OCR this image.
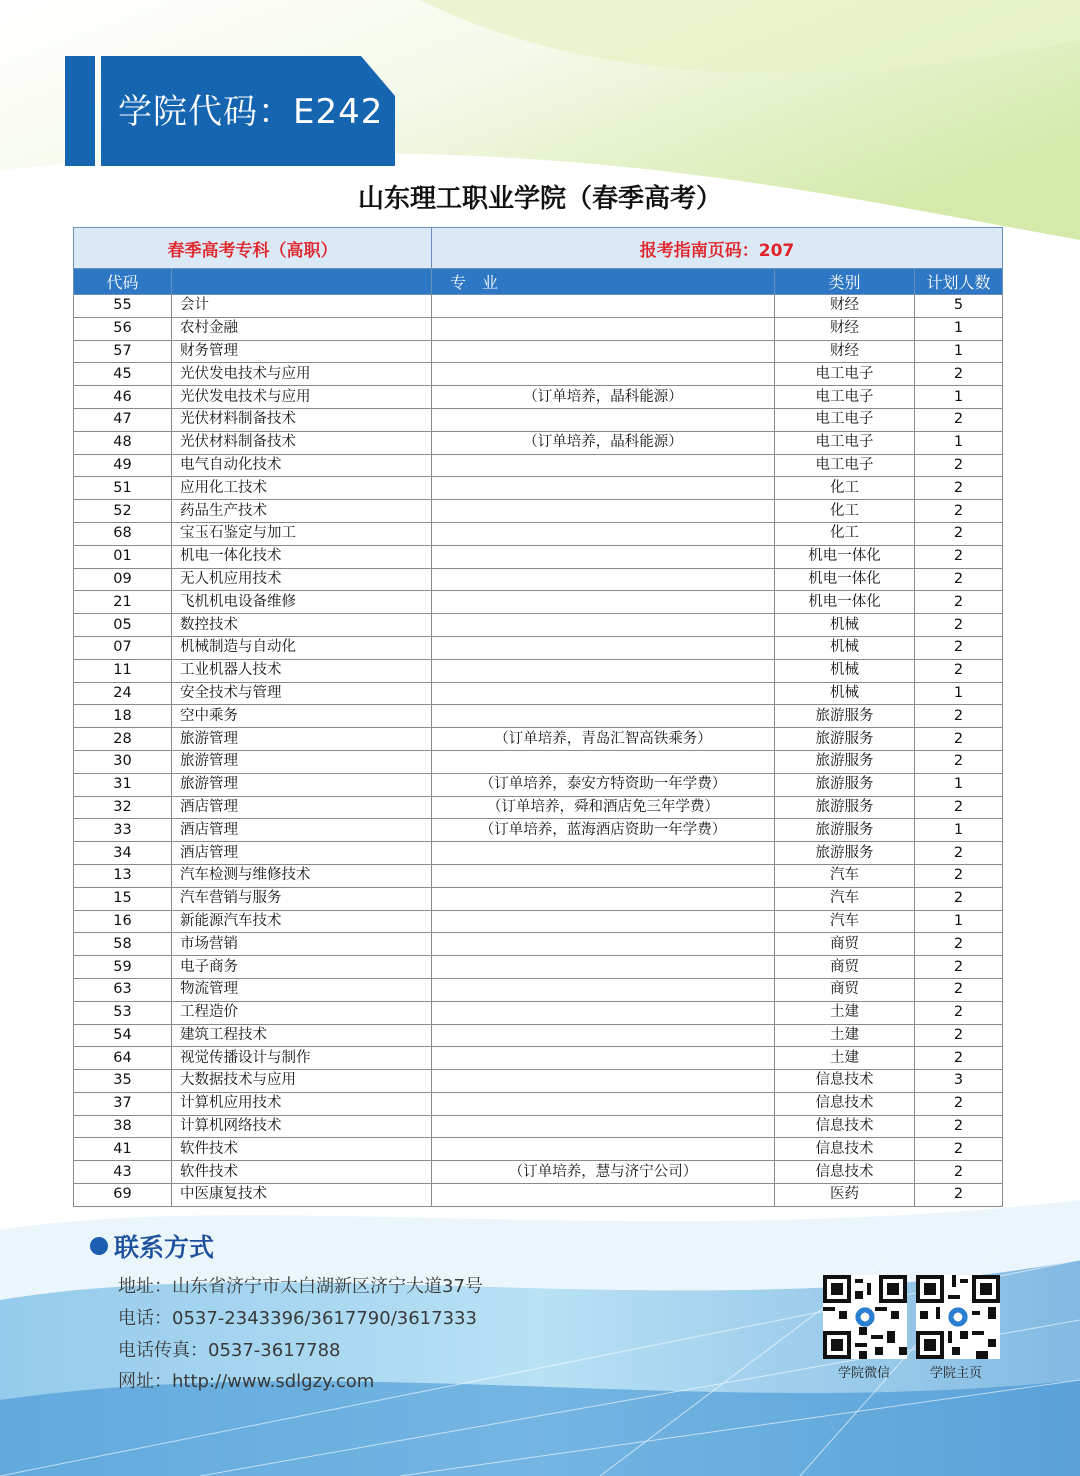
学院代码：E242
山东理工职业学院（春季高考）
春季高考专科（高职）		报考指南页码：207		
代码		专　业	类别	计划人数
55	会计		财经	5
56	农村金融		财经	1
57	财务管理		财经	1
45	光伏发电技术与应用		电工电子	2
46	光伏发电技术与应用	（订单培养，晶科能源）	电工电子	1
47	光伏材料制备技术		电工电子	2
48	光伏材料制备技术	（订单培养，晶科能源）	电工电子	1
49	电气自动化技术		电工电子	2
51	应用化工技术		化工	2
52	药品生产技术		化工	2
68	宝玉石鉴定与加工		化工	2
01	机电一体化技术		机电一体化	2
09	无人机应用技术		机电一体化	2
21	飞机机电设备维修		机电一体化	2
05	数控技术		机械	2
07	机械制造与自动化		机械	2
11	工业机器人技术		机械	2
24	安全技术与管理		机械	1
18	空中乘务		旅游服务	2
28	旅游管理	（订单培养，青岛汇智高铁乘务）	旅游服务	2
30	旅游管理		旅游服务	2
31	旅游管理	（订单培养，泰安方特资助一年学费）	旅游服务	1
32	酒店管理	（订单培养，舜和酒店免三年学费）	旅游服务	2
33	酒店管理	（订单培养，蓝海酒店资助一年学费）	旅游服务	1
34	酒店管理		旅游服务	2
13	汽车检测与维修技术		汽车	2
15	汽车营销与服务		汽车	2
16	新能源汽车技术		汽车	1
58	市场营销		商贸	2
59	电子商务		商贸	2
63	物流管理		商贸	2
53	工程造价		土建	2
54	建筑工程技术		土建	2
64	视觉传播设计与制作		土建	2
35	大数据技术与应用		信息技术	3
37	计算机应用技术		信息技术	2
38	计算机网络技术		信息技术	2
41	软件技术		信息技术	2
43	软件技术	（订单培养，慧与济宁公司）	信息技术	2
69	中医康复技术		医药	2
联系方式
地址：山东省济宁市太白湖新区济宁大道37号
电话：0537-2343396/3617790/3617333
电话传真：0537-3617788
网址：http://www.sdlgzy.com	学院微信	学院主页
